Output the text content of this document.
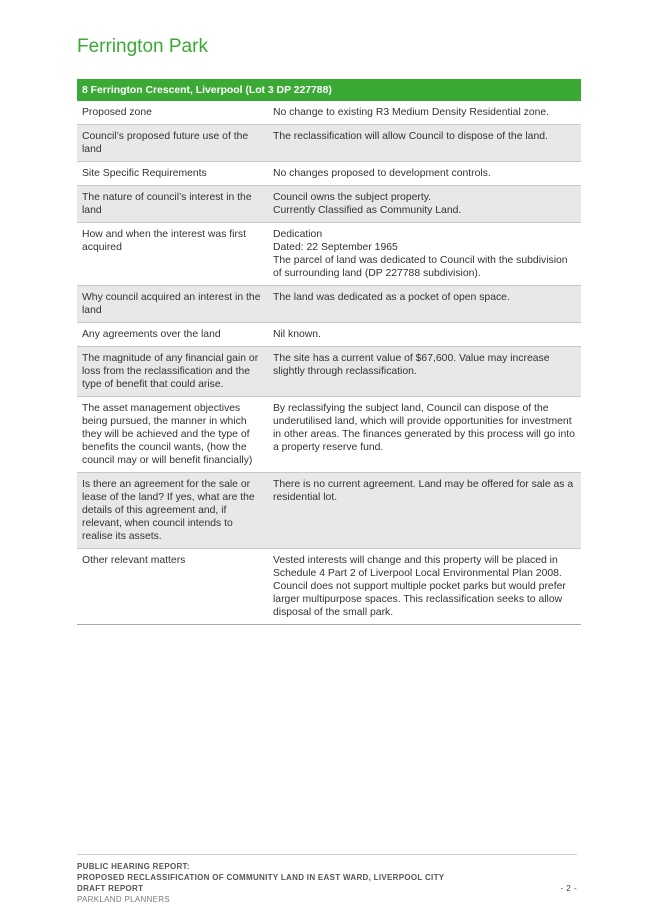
Ferrington Park
8 Ferrington Crescent, Liverpool (Lot 3 DP 227788)	

Proposed zone	No change to existing R3 Medium Density Residential zone.

Council’s proposed future use of the land	The reclassification will allow Council to dispose of the land.

Site Specific Requirements	No changes proposed to development controls.

The nature of council’s interest in the land	Council owns the subject property.
Currently Classified as Community Land.

How and when the interest was first acquired	Dedication
Dated: 22 September 1965
The parcel of land was dedicated to Council with the subdivision of surrounding land (DP 227788 subdivision).

Why council acquired an interest in the land	The land was dedicated as a pocket of open space.

Any agreements over the land	Nil known.

The magnitude of any financial gain or loss from the reclassification and the type of benefit that could arise.	The site has a current value of $67,600. Value may increase slightly through reclassification.

The asset management objectives being pursued, the manner in which they will be achieved and the type of benefits the council wants, (how the council may or will benefit financially)	By reclassifying the subject land, Council can dispose of the underutilised land, which will provide opportunities for investment in other areas. The finances generated by this process will go into a property reserve fund.

Is there an agreement for the sale or lease of the land? If yes, what are the details of this agreement and, if relevant, when council intends to realise its assets.	There is no current agreement. Land may be offered for sale as a residential lot.

Other relevant matters	Vested interests will change and this property will be placed in Schedule 4 Part 2 of Liverpool Local Environmental Plan 2008. Council does not support multiple pocket parks but would prefer larger multipurpose spaces. This reclassification seeks to allow disposal of the small park.
PUBLIC HEARING REPORT:
PROPOSED RECLASSIFICATION OF COMMUNITY LAND IN EAST WARD, LIVERPOOL CITY
DRAFT REPORT
PARKLAND PLANNERS
- 2 -
